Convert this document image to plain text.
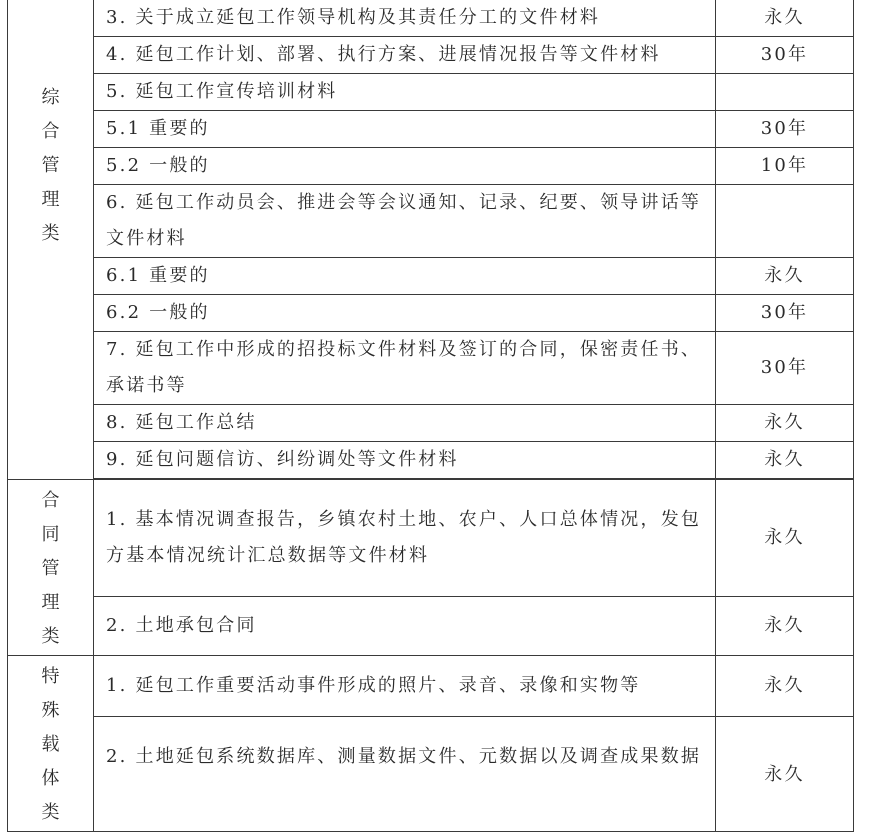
综合管理类	3. 关于成立延包工作领导机构及其责任分工的文件材料	永久

	4. 延包工作计划、部署、执行方案、进展情况报告等文件材料	30年

	5. 延包工作宣传培训材料	

	5.1 重要的	30年

	5.2 一般的	10年

	6. 延包工作动员会、推进会等会议通知、记录、纪要、领导讲话等文件材料	

	6.1 重要的	永久

	6.2 一般的	30年

	7. 延包工作中形成的招投标文件材料及签订的合同，保密责任书、承诺书等	30年

	8. 延包工作总结	永久

	9. 延包问题信访、纠纷调处等文件材料	永久

合同管理类	1. 基本情况调查报告，乡镇农村土地、农户、人口总体情况，发包方基本情况统计汇总数据等文件材料	永久

	2. 土地承包合同	永久
特殊载体类	1. 延包工作重要活动事件形成的照片、录音、录像和实物等	永久

	2. 土地延包系统数据库、测量数据文件、元数据以及调查成果数据	永久
